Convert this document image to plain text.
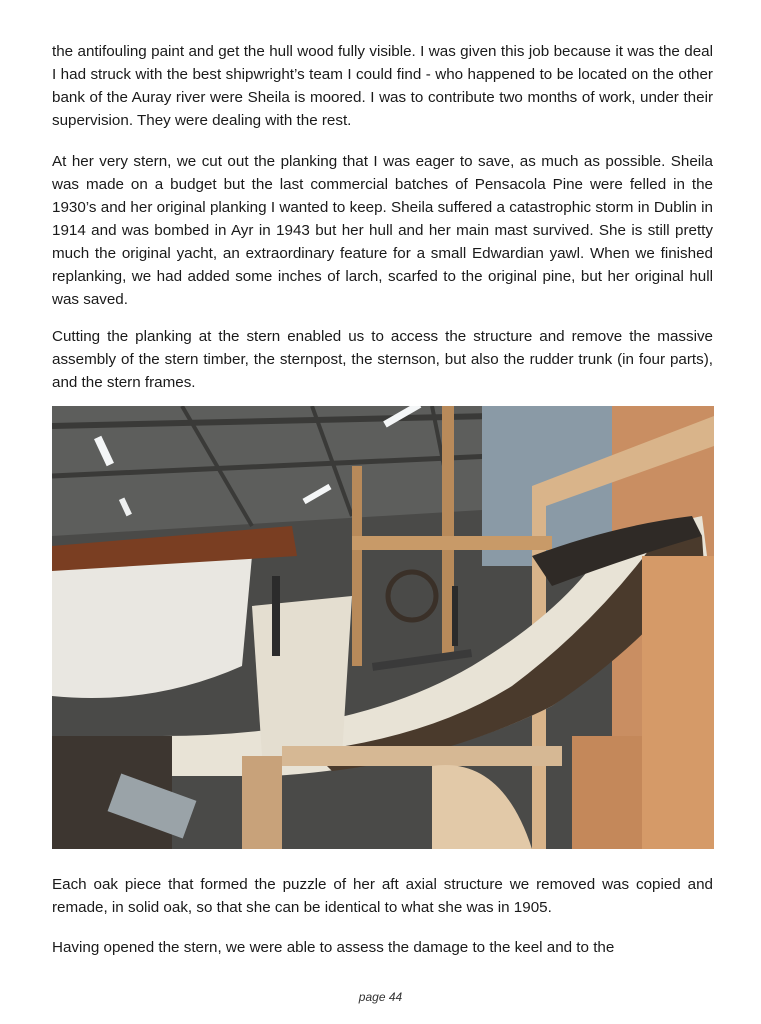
the antifouling paint and get the hull wood fully visible. I was given this job because it was the deal I had struck with the best shipwright’s team I could find - who happened to be located on the other bank of the Auray river were Sheila is moored. I was to contribute two months of work, under their supervision. They were dealing with the rest.

At her very stern, we cut out the planking that I was eager to save, as much as possible. Sheila was made on a budget but the last commercial batches of Pensacola Pine were felled in the 1930’s and her original planking I wanted to keep. Sheila suffered a catastrophic storm in Dublin in 1914 and was bombed in Ayr in 1943 but her hull and her main mast survived. She is still pretty much the original yacht, an extraordinary feature for a small Edwardian yawl. When we finished replanking, we had added some inches of larch, scarfed to the original pine, but her original hull was saved.

Cutting the planking at the stern enabled us to access the structure and remove the massive assembly of the stern timber, the sternpost, the sternson, but also the rudder trunk (in four parts), and the stern frames.

Each oak piece that formed the puzzle of her aft axial structure we removed was copied and remade, in solid oak, so that she can be identical to what she was in 1905.

Having opened the stern, we were able to assess the damage to the keel and to the

page 44
